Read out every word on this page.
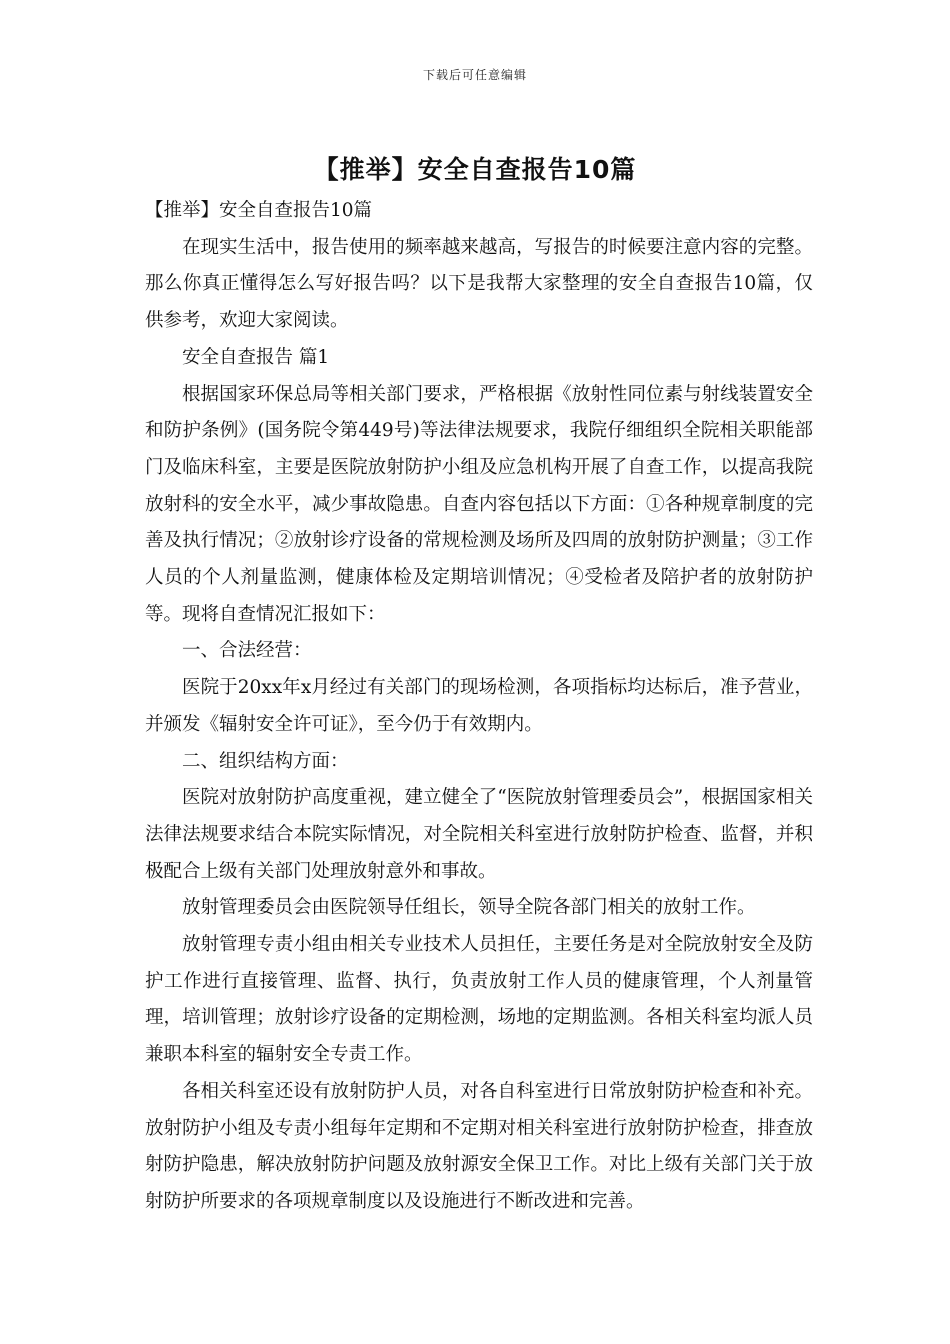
下载后可任意编辑
【推举】安全自查报告10篇

【推举】安全自查报告10篇

在现实生活中，报告使用的频率越来越高，写报告的时候要注意内容的完整。那么你真正懂得怎么写好报告吗？以下是我帮大家整理的安全自查报告10篇，仅供参考，欢迎大家阅读。

安全自查报告 篇1

根据国家环保总局等相关部门要求，严格根据《放射性同位素与射线装置安全和防护条例》(国务院令第449号)等法律法规要求，我院仔细组织全院相关职能部门及临床科室，主要是医院放射防护小组及应急机构开展了自查工作，以提高我院放射科的安全水平，减少事故隐患。自查内容包括以下方面：①各种规章制度的完善及执行情况；②放射诊疗设备的常规检测及场所及四周的放射防护测量；③工作人员的个人剂量监测，健康体检及定期培训情况；④受检者及陪护者的放射防护等。现将自查情况汇报如下：

一、合法经营：

医院于20xx年x月经过有关部门的现场检测，各项指标均达标后，准予营业，并颁发《辐射安全许可证》，至今仍于有效期内。

二、组织结构方面：

医院对放射防护高度重视，建立健全了“医院放射管理委员会”，根据国家相关法律法规要求结合本院实际情况，对全院相关科室进行放射防护检查、监督，并积极配合上级有关部门处理放射意外和事故。

放射管理委员会由医院领导任组长，领导全院各部门相关的放射工作。

放射管理专责小组由相关专业技术人员担任，主要任务是对全院放射安全及防护工作进行直接管理、监督、执行，负责放射工作人员的健康管理，个人剂量管理，培训管理；放射诊疗设备的定期检测，场地的定期监测。各相关科室均派人员兼职本科室的辐射安全专责工作。

各相关科室还设有放射防护人员，对各自科室进行日常放射防护检查和补充。 放射防护小组及专责小组每年定期和不定期对相关科室进行放射防护检查，排查放射防护隐患，解决放射防护问题及放射源安全保卫工作。对比上级有关部门关于放射防护所要求的各项规章制度以及设施进行不断改进和完善。
